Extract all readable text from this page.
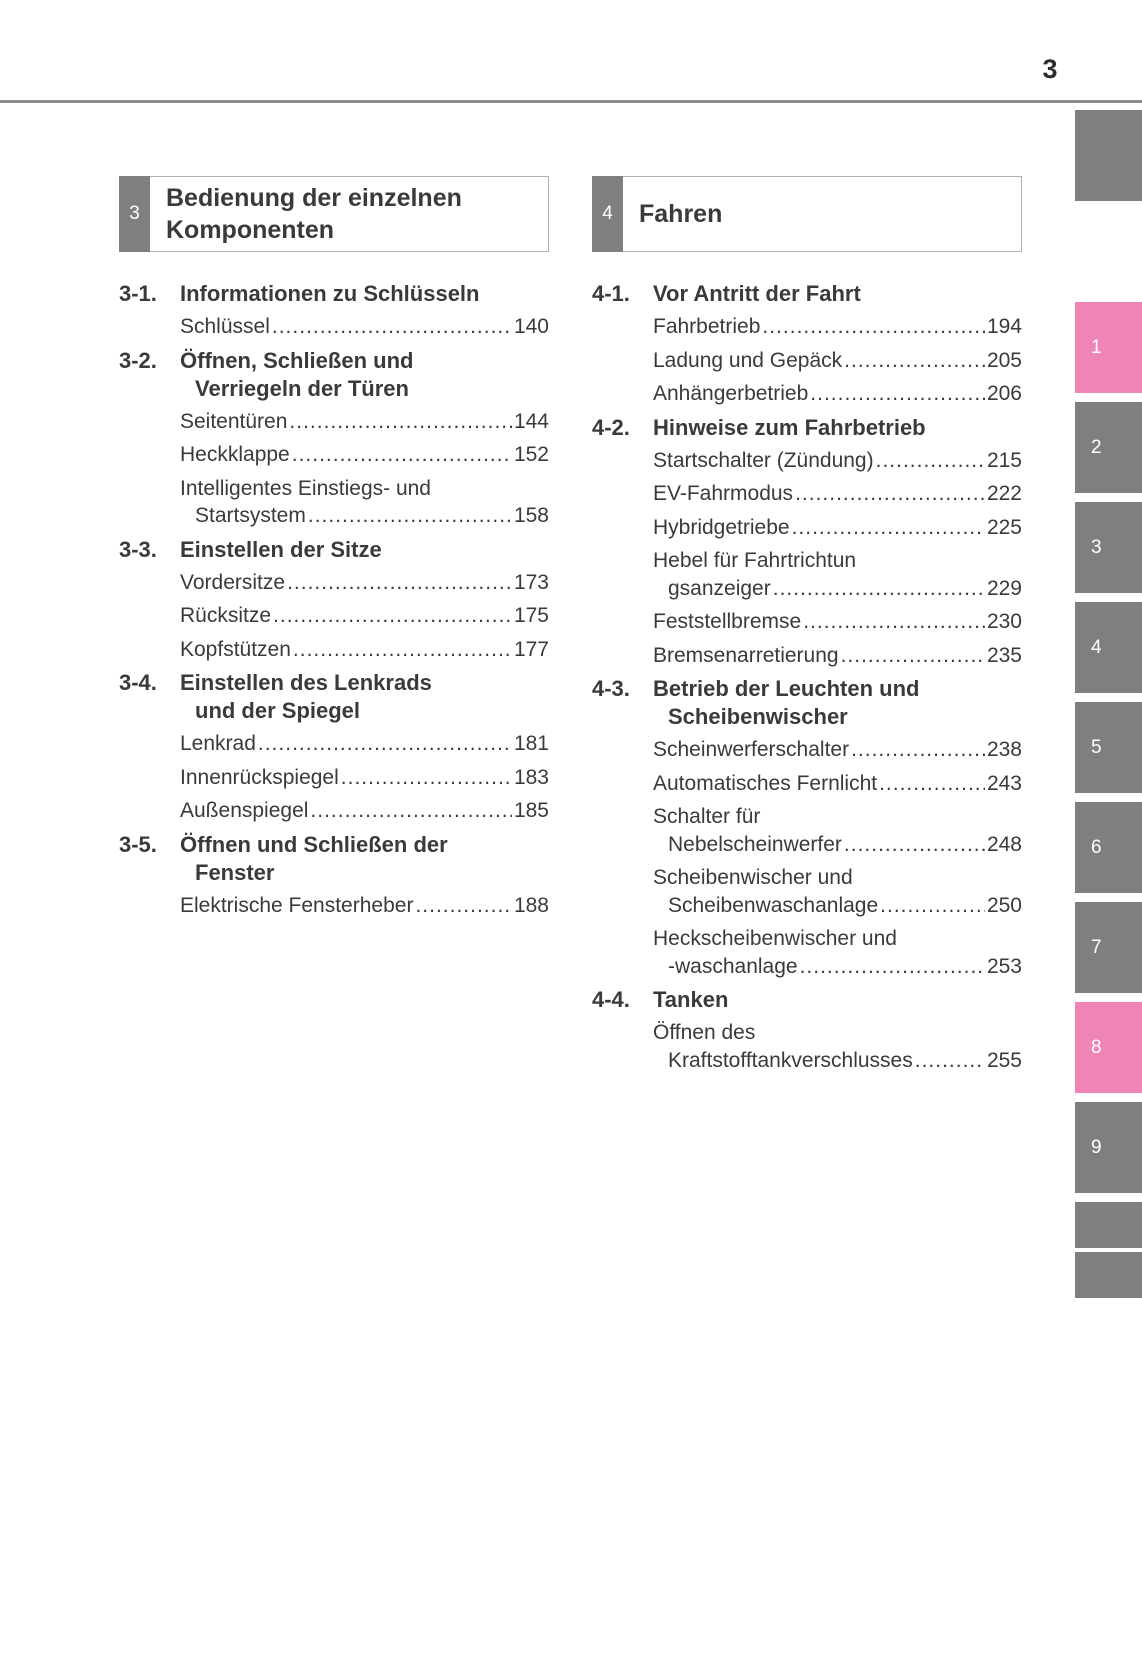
3
3
Bedienung der einzelnen
Komponenten
3-1.	Informationen zu Schlüsseln
Schlüssel .....	140
3-2.	Öffnen, Schließen und
Verriegeln der Türen
Seitentüren .....	144
Heckklappe .....	152
Intelligentes Einstiegs- und
Startsystem .....	158
3-3.	Einstellen der Sitze
Vordersitze .....	173
Rücksitze .....	175
Kopfstützen .....	177
3-4.	Einstellen des Lenkrads
und der Spiegel
Lenkrad .....	181
Innenrückspiegel .....	183
Außenspiegel .....	185
3-5.	Öffnen und Schließen der
Fenster
Elektrische Fensterheber .....	188
4	Fahren
4-1.	Vor Antritt der Fahrt
Fahrbetrieb .....	194
Ladung und Gepäck .....	205
Anhängerbetrieb .....	206
4-2.	Hinweise zum Fahrbetrieb
Startschalter (Zündung) .....	215
EV-Fahrmodus .....	222
Hybridgetriebe .....	225
Hebel für Fahrtrichtun
gsanzeiger .....	229
Feststellbremse .....	230
Bremsenarretierung .....	235
4-3.	Betrieb der Leuchten und
Scheibenwischer
Scheinwerferschalter .....	238
Automatisches Fernlicht .....	243
Schalter für
Nebelscheinwerfer .....	248
Scheibenwischer und
Scheibenwaschanlage .....	250
Heckscheibenwischer und
-waschanlage .....	253
4-4.	Tanken
Öffnen des
Kraftstofftankverschlusses .....	255
1
2
3
4
5
6
7
8
9
